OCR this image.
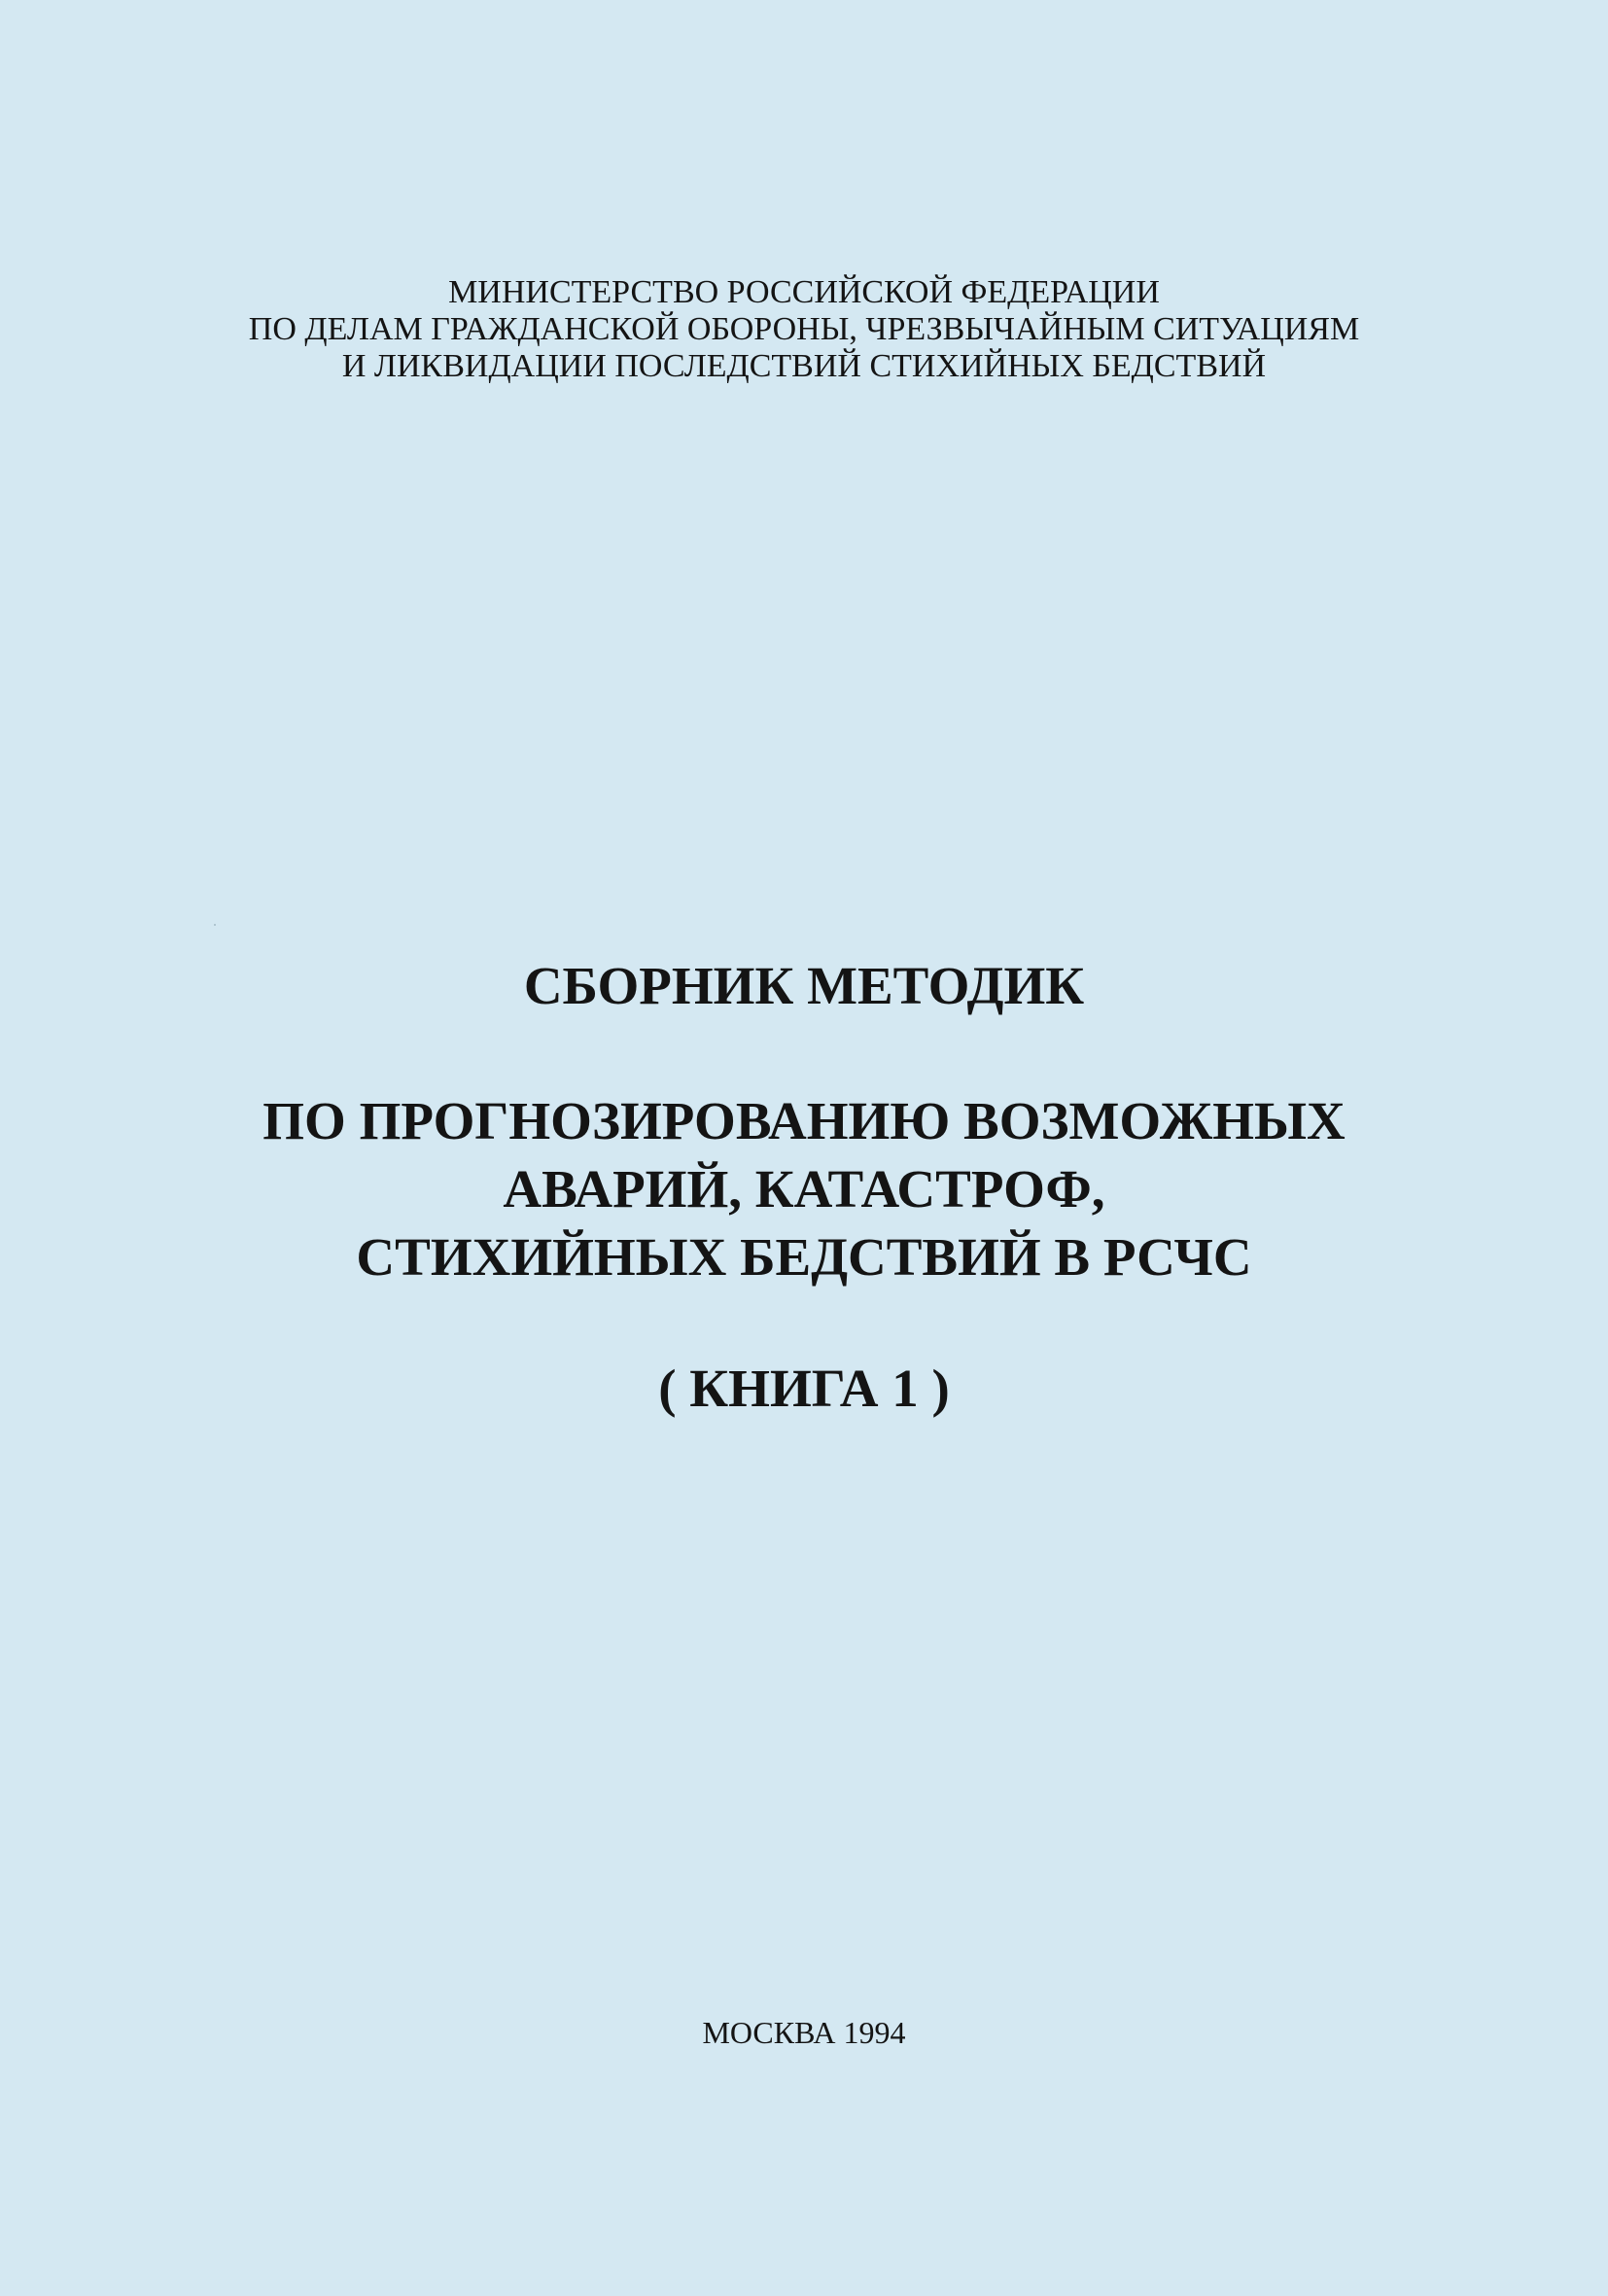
МИНИСТЕРСТВО РОССИЙСКОЙ ФЕДЕРАЦИИ
ПО ДЕЛАМ ГРАЖДАНСКОЙ ОБОРОНЫ, ЧРЕЗВЫЧАЙНЫМ СИТУАЦИЯМ
И ЛИКВИДАЦИИ ПОСЛЕДСТВИЙ СТИХИЙНЫХ БЕДСТВИЙ
СБОРНИК МЕТОДИК
ПО ПРОГНОЗИРОВАНИЮ ВОЗМОЖНЫХ
АВАРИЙ, КАТАСТРОФ,
СТИХИЙНЫХ БЕДСТВИЙ В РСЧС
( КНИГА 1 )
МОСКВА 1994
